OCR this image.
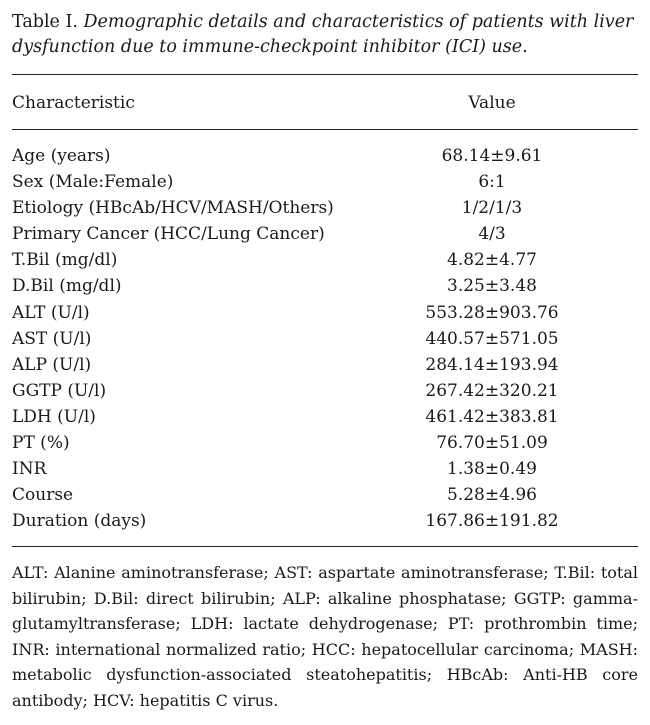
Table I. Demographic details and characteristics of patients with liver dysfunction due to immune-checkpoint inhibitor (ICI) use.
Characteristic	Value
Age (years)	68.14±9.61
Sex (Male:Female)	6:1
Etiology (HBcAb/HCV/MASH/Others)	1/2/1/3
Primary Cancer (HCC/Lung Cancer)	4/3
T.Bil (mg/dl)	4.82±4.77
D.Bil (mg/dl)	3.25±3.48
ALT (U/l)	553.28±903.76
AST (U/l)	440.57±571.05
ALP (U/l)	284.14±193.94
GGTP (U/l)	267.42±320.21
LDH (U/l)	461.42±383.81
PT (%)	76.70±51.09
INR	1.38±0.49
Course	5.28±4.96
Duration (days)	167.86±191.82
ALT: Alanine aminotransferase; AST: aspartate aminotransferase; T.Bil: total bilirubin; D.Bil: direct bilirubin; ALP: alkaline phosphatase; GGTP: gamma-glutamyltransferase; LDH: lactate dehydrogenase; PT: prothrombin time; INR: international normalized ratio; HCC: hepatocellular carcinoma; MASH: metabolic dysfunction-associated steatohepatitis; HBcAb: Anti-HB core antibody; HCV: hepatitis C virus.
